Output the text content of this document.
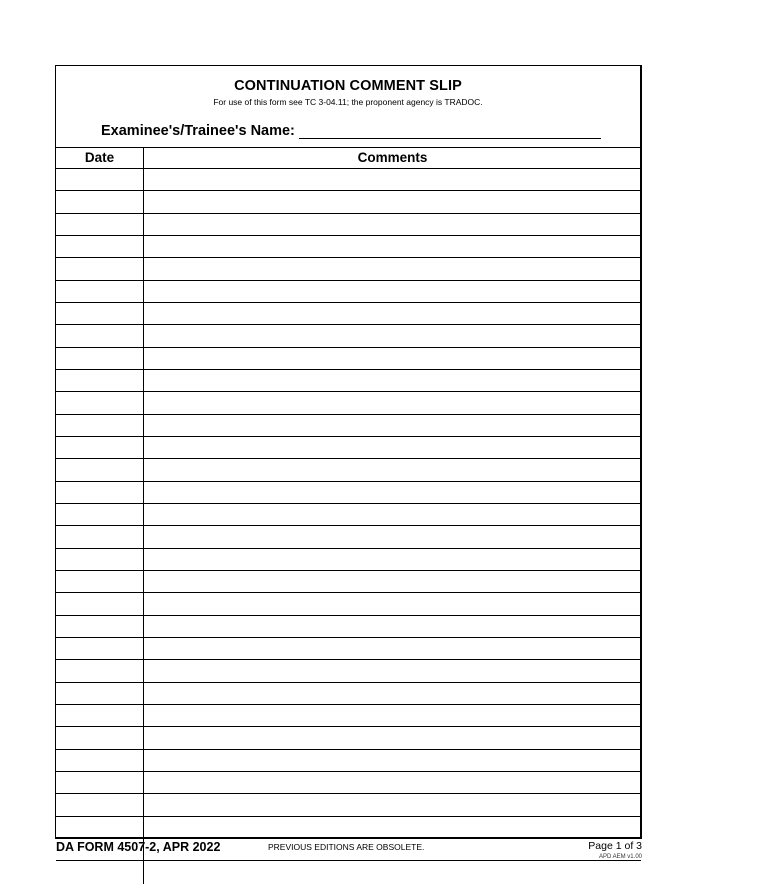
CONTINUATION COMMENT SLIP
For use of this form see TC 3-04.11; the proponent agency is TRADOC.
Examinee's/Trainee's Name:
Date	Comments
DA FORM 4507-2, APR 2022	PREVIOUS EDITIONS ARE OBSOLETE.	Page 1 of 3
APD AEM v1.00
